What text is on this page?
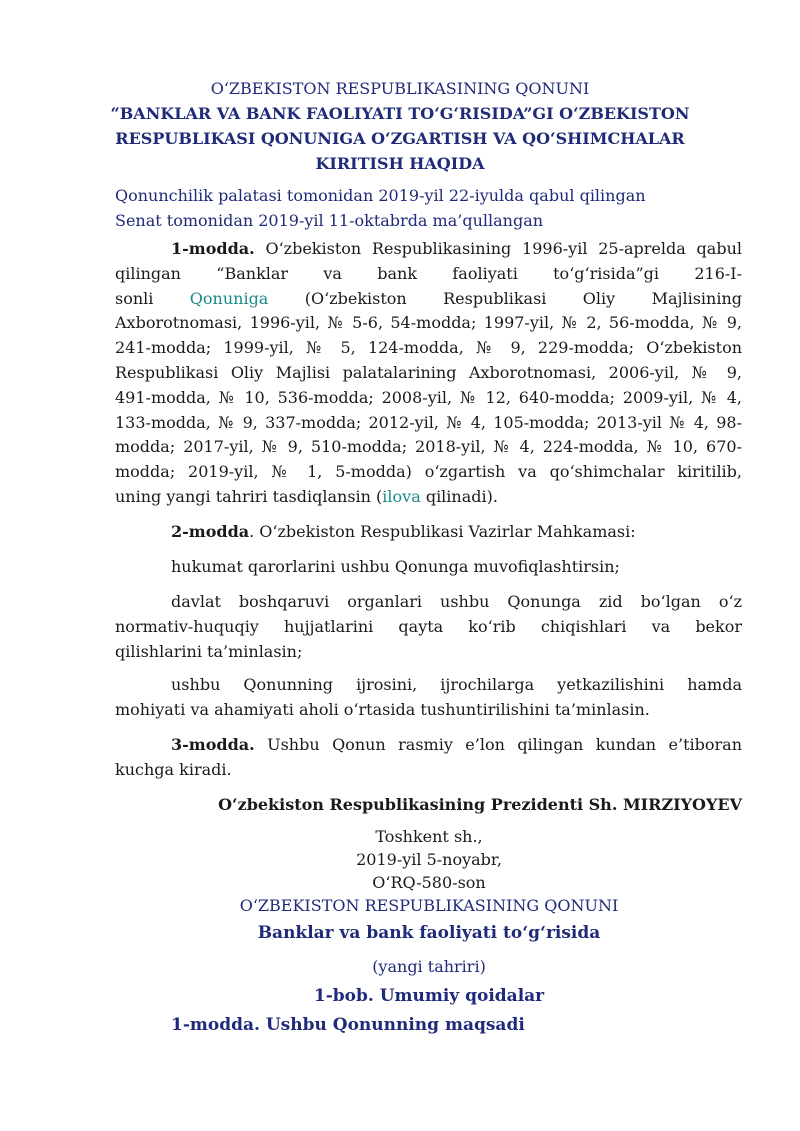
O‘ZBEKISTON RESPUBLIKASINING QONUNI
“BANKLAR VA BANK FAOLIYATI TO‘G‘RISIDA”GI O‘ZBEKISTON
RESPUBLIKASI QONUNIGA O‘ZGARTISH VA QO‘SHIMCHALAR
KIRITISH HAQIDA
Qonunchilik palatasi tomonidan 2019-yil 22-iyulda qabul qilingan
Senat tomonidan 2019-yil 11-oktabrda ma’qullangan
1-modda. O‘zbekiston Respublikasining 1996-yil 25-aprelda qabul
qilingan “Banklar va bank faoliyati to‘g‘risida”gi 216-I-
sonli Qonuniga (O‘zbekiston Respublikasi Oliy Majlisining
Axborotnomasi, 1996-yil, № 5-6, 54-modda; 1997-yil, № 2, 56-modda, № 9,
241-modda; 1999-yil, № 5, 124-modda, № 9, 229-modda; O‘zbekiston
Respublikasi Oliy Majlisi palatalarining Axborotnomasi, 2006-yil, № 9,
491-modda, № 10, 536-modda; 2008-yil, № 12, 640-modda; 2009-yil, № 4,
133-modda, № 9, 337-modda; 2012-yil, № 4, 105-modda; 2013-yil № 4, 98-
modda; 2017-yil, № 9, 510-modda; 2018-yil, № 4, 224-modda, № 10, 670-
modda; 2019-yil, № 1, 5-modda) o‘zgartish va qo‘shimchalar kiritilib,
uning yangi tahriri tasdiqlansin (ilova qilinadi).
2-modda. O‘zbekiston Respublikasi Vazirlar Mahkamasi:
hukumat qarorlarini ushbu Qonunga muvofiqlashtirsin;
davlat boshqaruvi organlari ushbu Qonunga zid bo‘lgan o‘z
normativ-huquqiy hujjatlarini qayta ko‘rib chiqishlari va bekor
qilishlarini ta’minlasin;
ushbu Qonunning ijrosini, ijrochilarga yetkazilishini hamda
mohiyati va ahamiyati aholi o‘rtasida tushuntirilishini ta’minlasin.
3-modda. Ushbu Qonun rasmiy e’lon qilingan kundan e’tiboran
kuchga kiradi.
O‘zbekiston Respublikasining Prezidenti Sh. MIRZIYOYEV
Toshkent sh.,
2019-yil 5-noyabr,
O‘RQ-580-son
O‘ZBEKISTON RESPUBLIKASINING QONUNI
Banklar va bank faoliyati to‘g‘risida
(yangi tahriri)
1-bob. Umumiy qoidalar
1-modda. Ushbu Qonunning maqsadi
